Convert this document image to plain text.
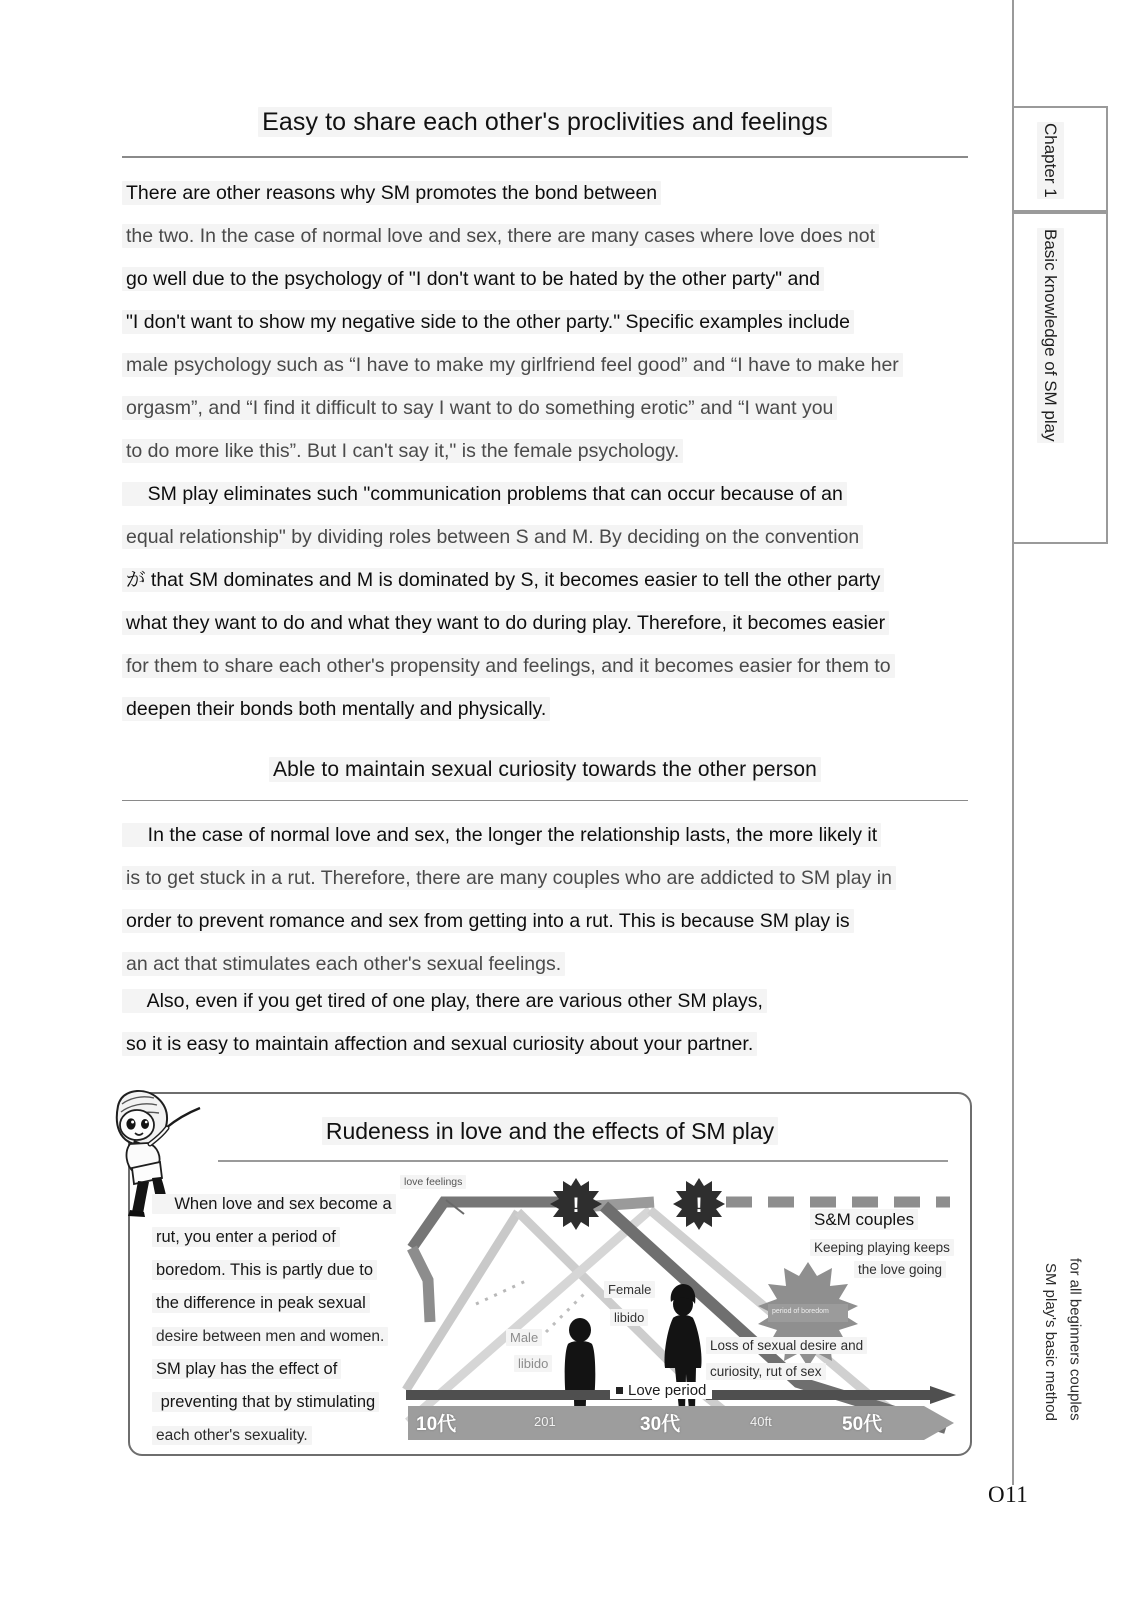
Easy to share each other's proclivities and feelings
There are other reasons why SM promotes the bond between
the two. In the case of normal love and sex, there are many cases where love does not
go well due to the psychology of "I don't want to be hated by the other party" and
"I don't want to show my negative side to the other party." Specific examples include
male psychology such as “I have to make my girlfriend feel good” and “I have to make her
orgasm”, and “I find it difficult to say I want to do something erotic” and “I want you
to do more like this”. But I can't say it," is the female psychology.
SM play eliminates such "communication problems that can occur because of an
equal relationship" by dividing roles between S and M. By deciding on the convention
が that SM dominates and M is dominated by S, it becomes easier to tell the other party
what they want to do and what they want to do during play. Therefore, it becomes easier
for them to share each other's propensity and feelings, and it becomes easier for them to
deepen their bonds both mentally and physically.
Able to maintain sexual curiosity towards the other person
In the case of normal love and sex, the longer the relationship lasts, the more likely it
is to get stuck in a rut. Therefore, there are many couples who are addicted to SM play in
order to prevent romance and sex from getting into a rut. This is because SM play is
an act that stimulates each other's sexual feelings.
Also, even if you get tired of one play, there are various other SM plays,
so it is easy to maintain affection and sexual curiosity about your partner.
Rudeness in love and the effects of SM play
When love and sex become a
rut, you enter a period of
boredom. This is partly due to
the difference in peak sexual
desire between men and women.
SM play has the effect of
preventing that by stimulating
each other's sexuality.
!	!
love feelings
Male
libido
Female
libido
S&M couples
Keeping playing keeps
the love going
Loss of sexual desire and
curiosity, rut of sex
period of boredom
Love period
10代	201	30代	40ft	50代
Chapter 1
Basic knowledge of SM play
SM play's basic method for all beginners couples
O11
